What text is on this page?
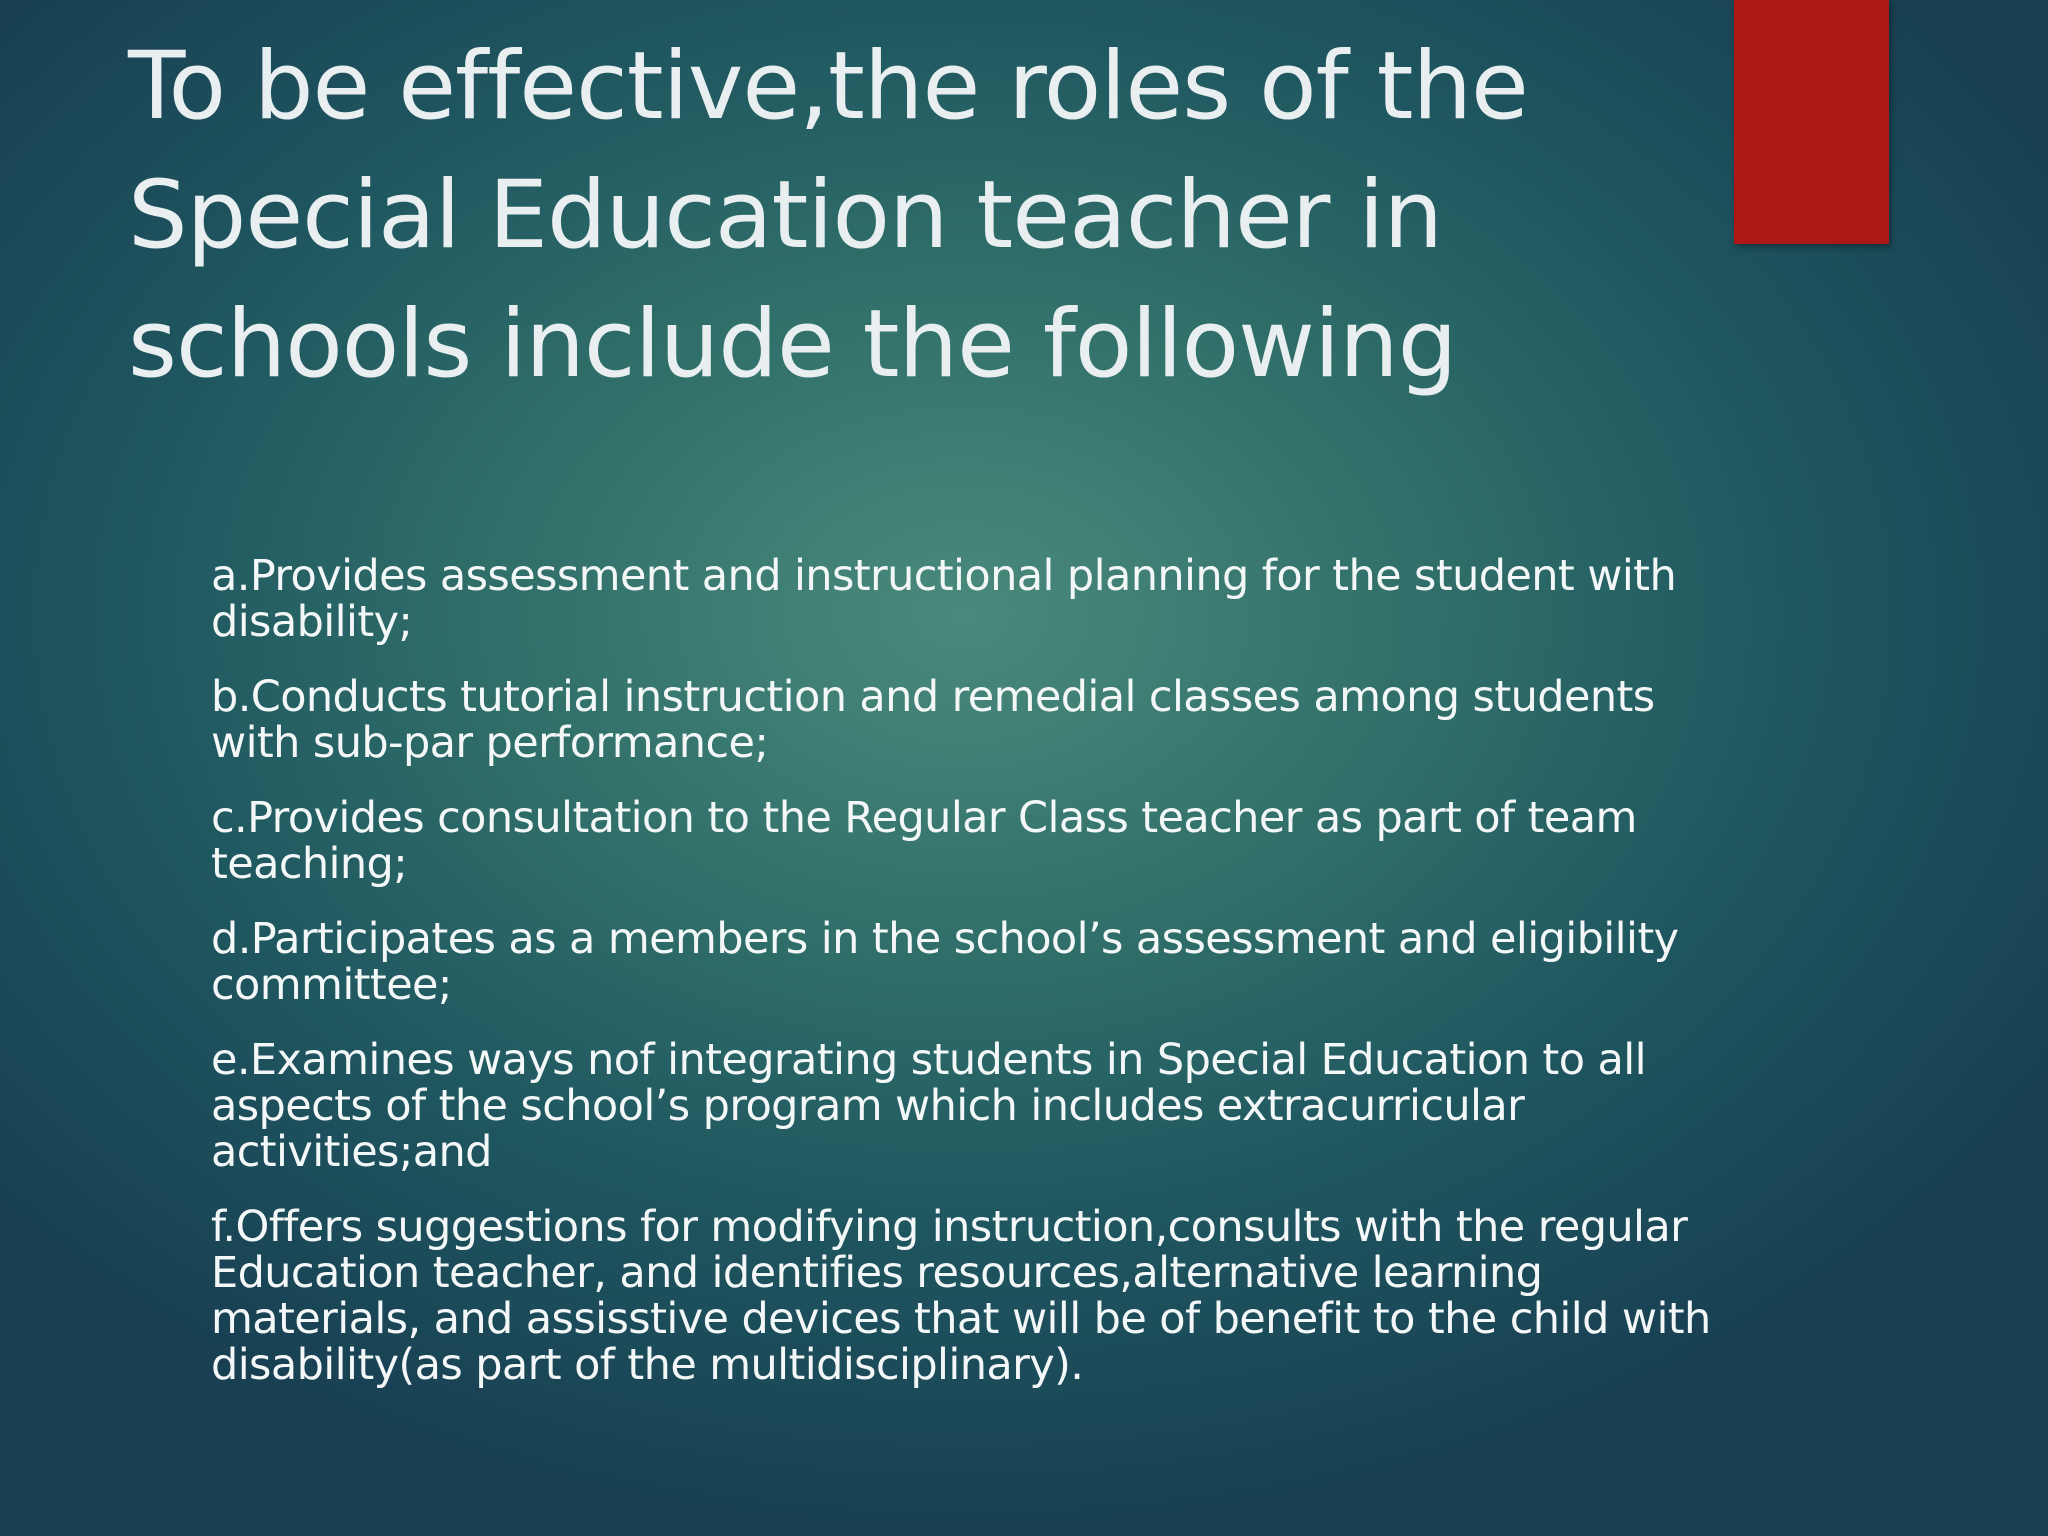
To be effective,the roles of the Special Education teacher in schools include the following
a.Provides assessment and instructional planning for the student with disability;
b.Conducts tutorial instruction and remedial classes among students with sub-par performance;
c.Provides consultation to the Regular Class teacher as part of team teaching;
d.Participates as a members in the school’s assessment and eligibility committee;
e.Examines ways nof integrating students in Special Education to all aspects of the school’s program which includes extracurricular activities;and
f.Offers suggestions for modifying instruction,consults with the regular Education teacher, and identifies resources,alternative learning materials, and assisstive devices that will be of benefit to the child with disability(as part of the multidisciplinary).
